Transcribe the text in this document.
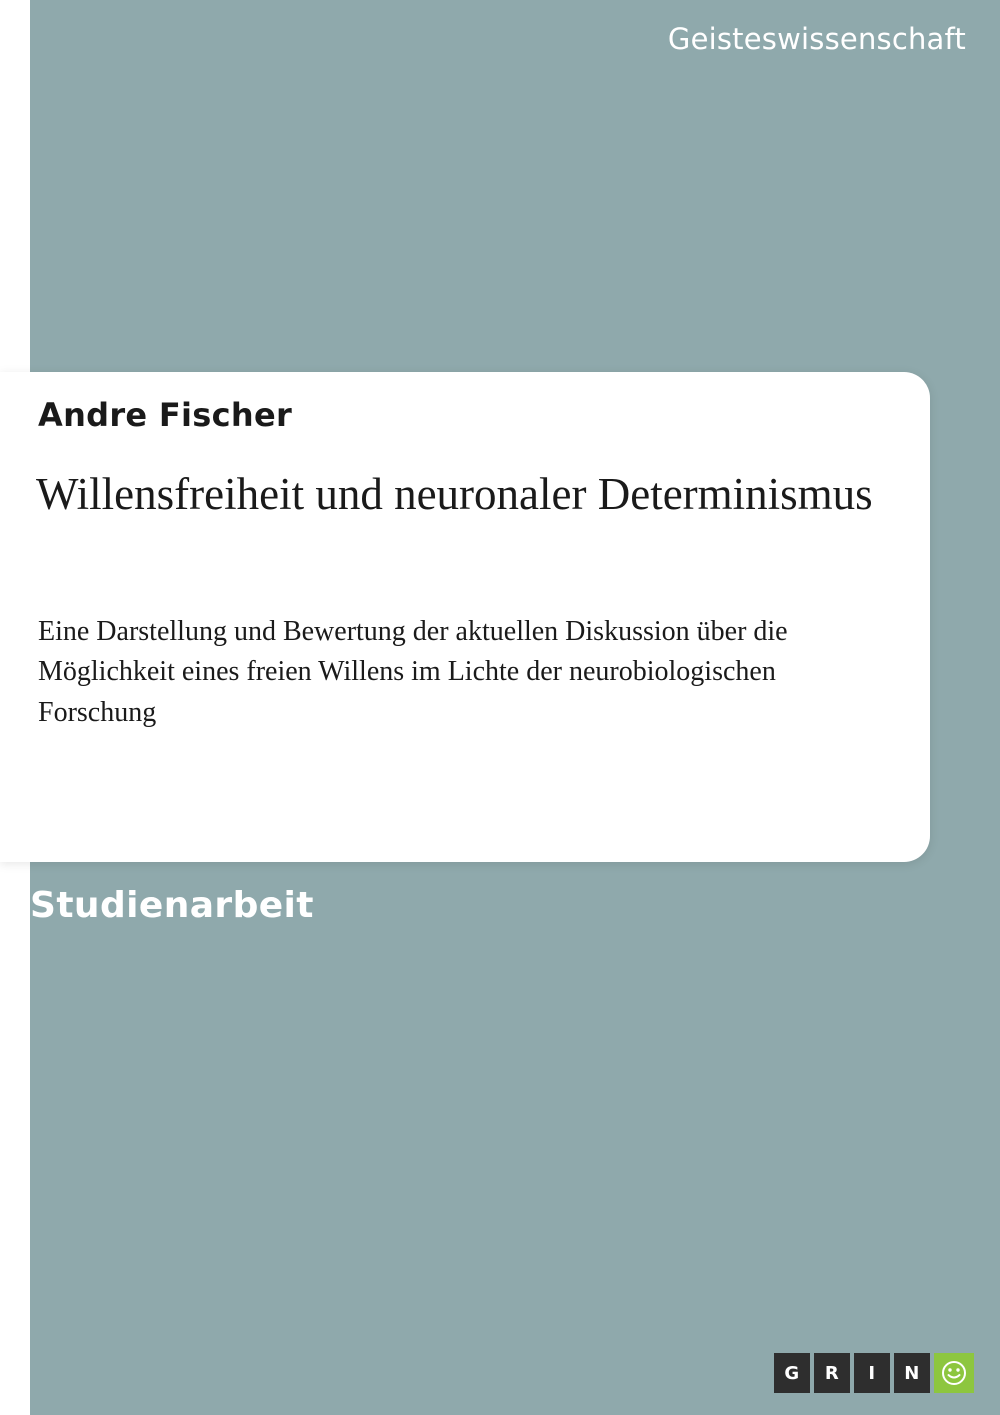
Geisteswissenschaft
Andre Fischer
Willensfreiheit und neuronaler Determinismus
Eine Darstellung und Bewertung der aktuellen Diskussion über die Möglichkeit eines freien Willens im Lichte der neurobiologischen Forschung
Studienarbeit
G	R	I	N
